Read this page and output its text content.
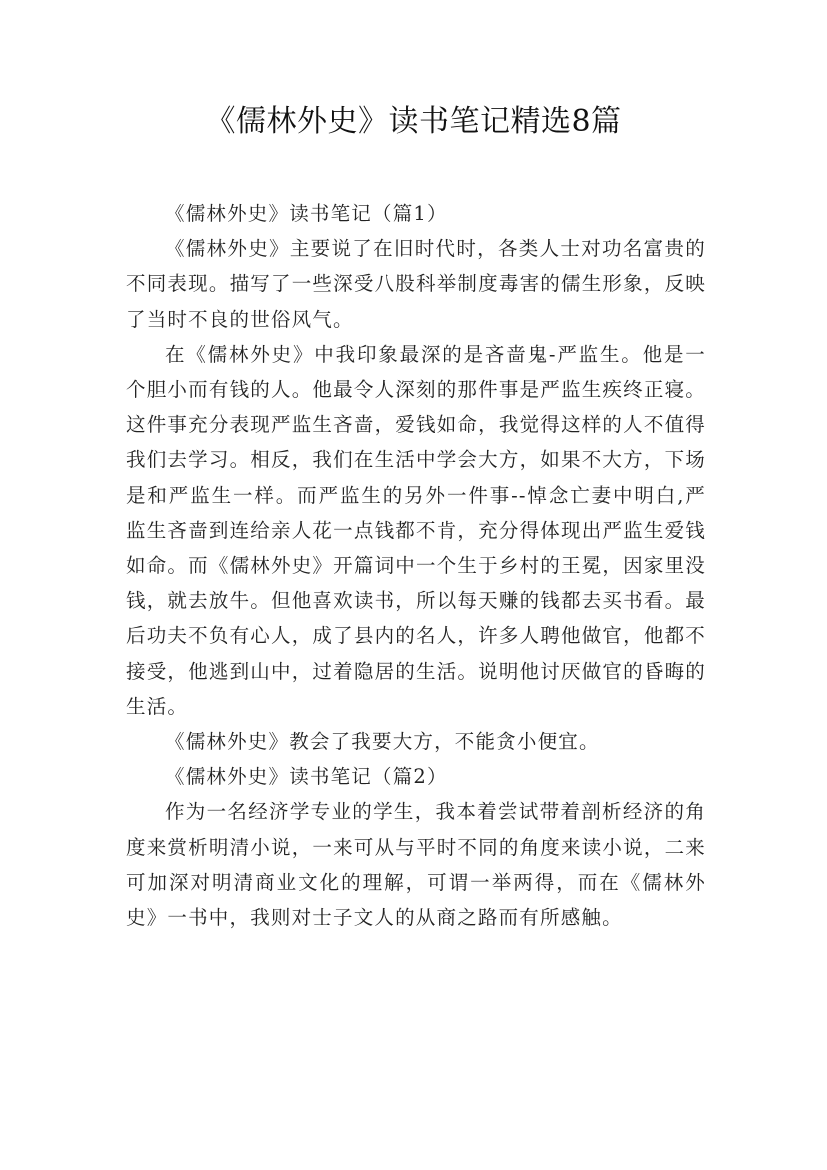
《儒林外史》读书笔记精选8篇

《儒林外史》读书笔记（篇1）

《儒林外史》主要说了在旧时代时，各类人士对功名富贵的不同表现。描写了一些深受八股科举制度毒害的儒生形象，反映了当时不良的世俗风气。

在《儒林外史》中我印象最深的是吝啬鬼-严监生。他是一个胆小而有钱的人。他最令人深刻的那件事是严监生疾终正寝。这件事充分表现严监生吝啬，爱钱如命，我觉得这样的人不值得我们去学习。相反，我们在生活中学会大方，如果不大方，下场是和严监生一样。而严监生的另外一件事--悼念亡妻中明白,严监生吝啬到连给亲人花一点钱都不肯，充分得体现出严监生爱钱如命。而《儒林外史》开篇词中一个生于乡村的王冕，因家里没钱，就去放牛。但他喜欢读书，所以每天赚的钱都去买书看。最后功夫不负有心人，成了县内的名人，许多人聘他做官，他都不接受，他逃到山中，过着隐居的生活。说明他讨厌做官的昏晦的生活。

《儒林外史》教会了我要大方，不能贪小便宜。

《儒林外史》读书笔记（篇2）

作为一名经济学专业的学生，我本着尝试带着剖析经济的角度来赏析明清小说，一来可从与平时不同的角度来读小说，二来可加深对明清商业文化的理解，可谓一举两得，而在《儒林外史》一书中，我则对士子文人的从商之路而有所感触。
